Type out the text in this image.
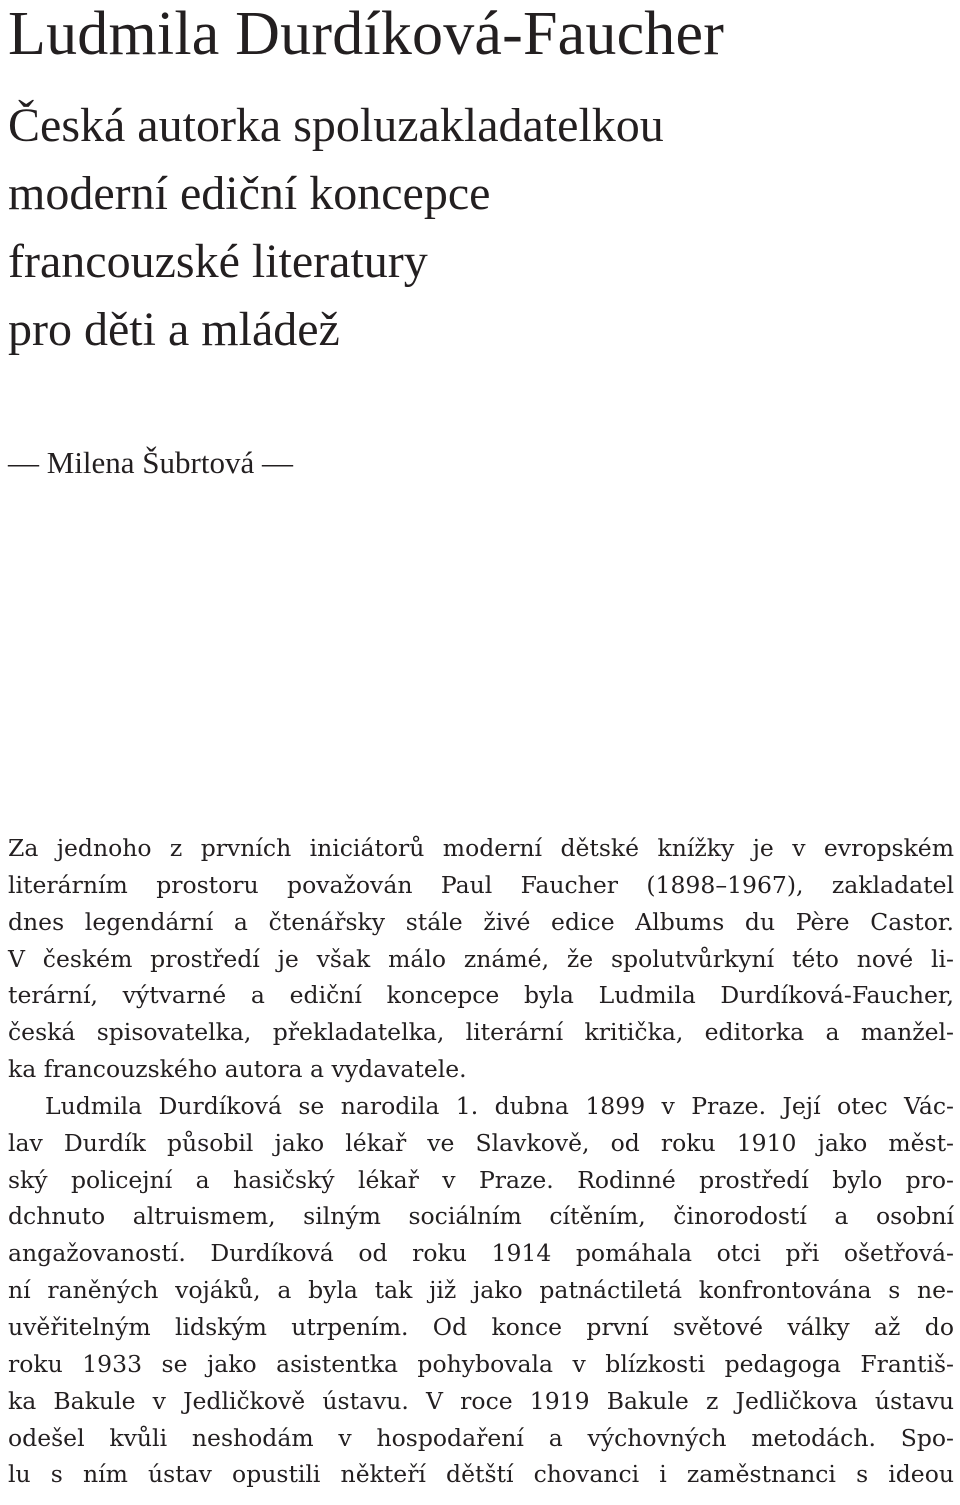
Ludmila Durdíková-Faucher
Česká autorka spoluzakladatelkou
moderní ediční koncepce
francouzské literatury
pro děti a mládež

— Milena Šubrtová —

Za jednoho z prvních iniciátorů moderní dětské knížky je v evropském
literárním prostoru považován Paul Faucher (1898–1967), zakladatel
dnes legendární a čtenářsky stále živé edice Albums du Père Castor.
V českém prostředí je však málo známé, že spolutvůrkyní této nové li-
terární, výtvarné a ediční koncepce byla Ludmila Durdíková-Faucher,
česká spisovatelka, překladatelka, literární kritička, editorka a manžel-
ka francouzského autora a vydavatele.
Ludmila Durdíková se narodila 1. dubna 1899 v Praze. Její otec Vác-
lav Durdík působil jako lékař ve Slavkově, od roku 1910 jako měst-
ský policejní a hasičský lékař v Praze. Rodinné prostředí bylo pro-
dchnuto altruismem, silným sociálním cítěním, činorodostí a osobní
angažovaností. Durdíková od roku 1914 pomáhala otci při ošetřová-
ní raněných vojáků, a byla tak již jako patnáctiletá konfrontována s ne-
uvěřitelným lidským utrpením. Od konce první světové války až do
roku 1933 se jako asistentka pohybovala v blízkosti pedagoga Františ-
ka Bakule v Jedličkově ústavu. V roce 1919 Bakule z Jedličkova ústavu
odešel kvůli neshodám v hospodaření a výchovných metodách. Spo-
lu s ním ústav opustili někteří dětští chovanci i zaměstnanci s ideou
